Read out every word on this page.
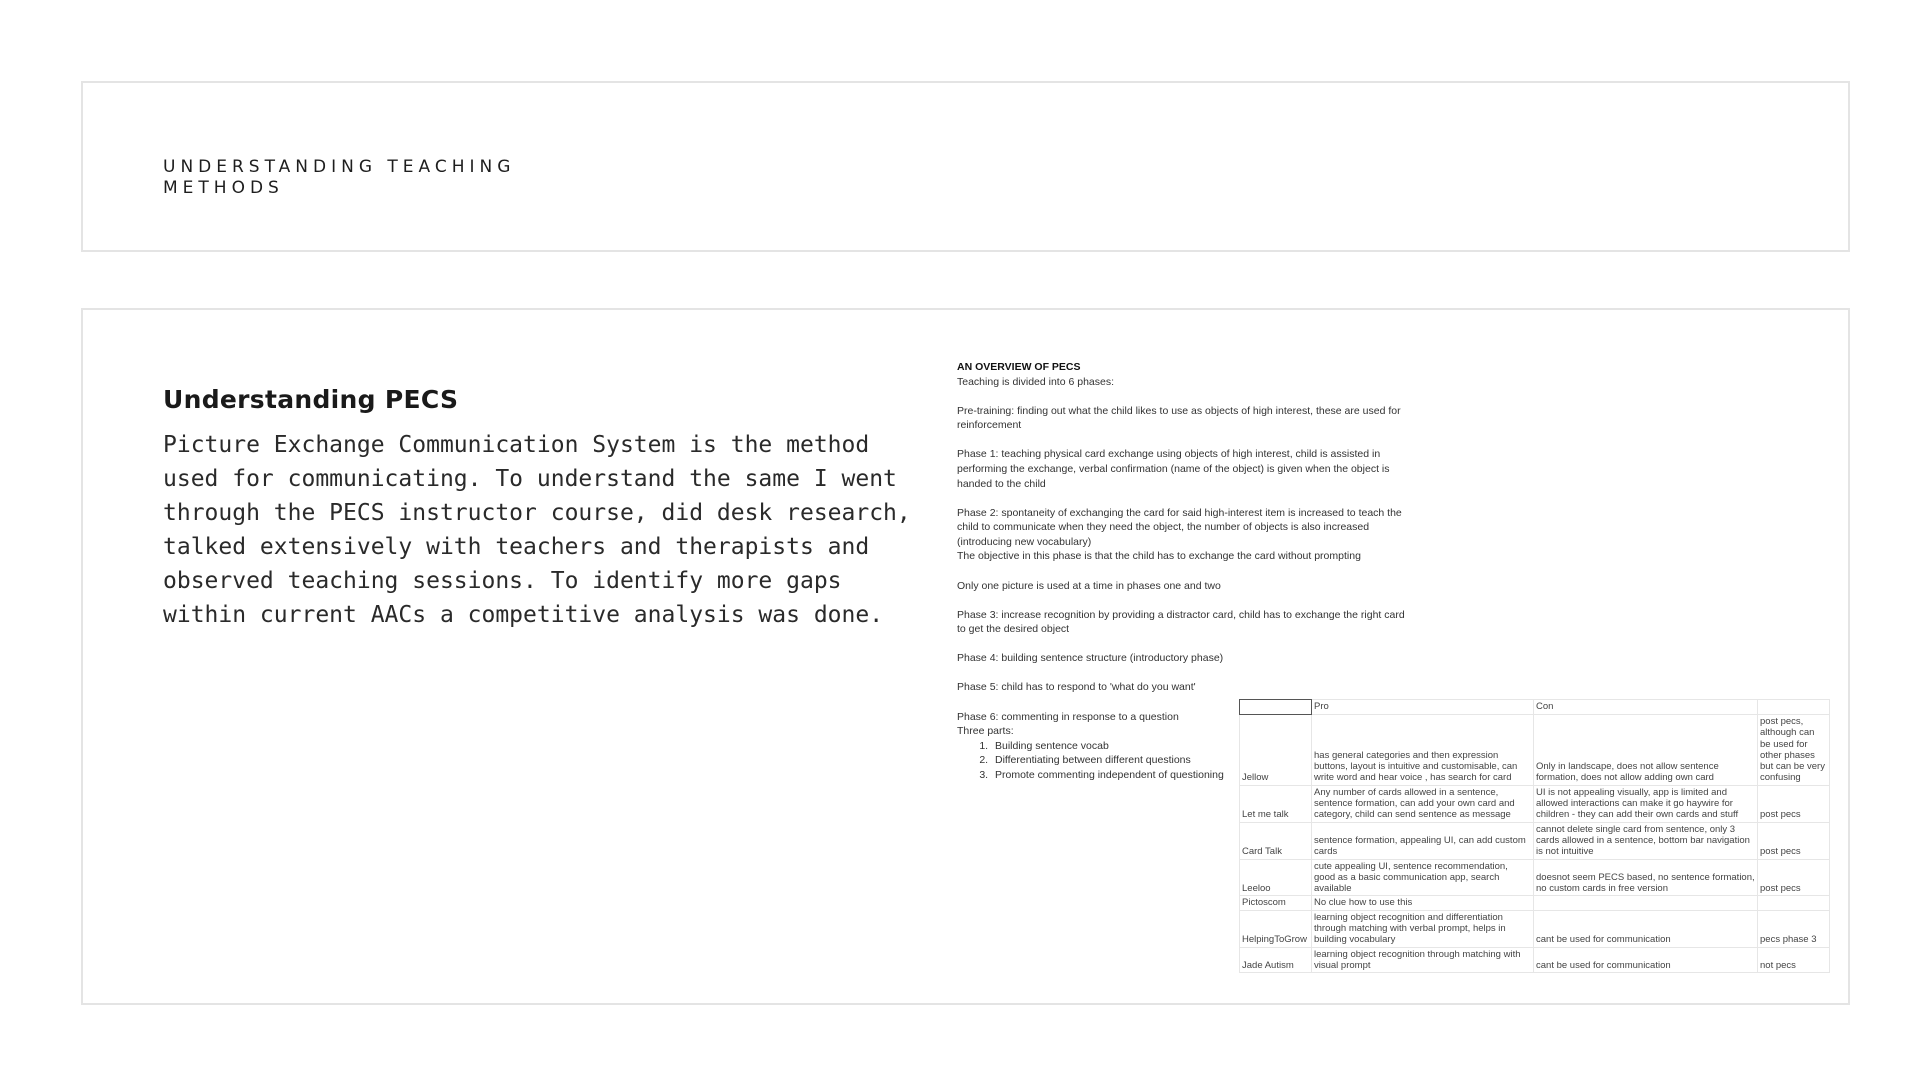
UNDERSTANDING TEACHING METHODS
Understanding PECS
Picture Exchange Communication System is the method used for communicating. To understand the same I went through the PECS instructor course, did desk research, talked extensively with teachers and therapists and observed teaching sessions. To identify more gaps within current AACs a competitive analysis was done.

AN OVERVIEW OF PECS

Teaching is divided into 6 phases:

Pre-training: finding out what the child likes to use as objects of high interest, these are used for reinforcement

Phase 1: teaching physical card exchange using objects of high interest, child is assisted in performing the exchange, verbal confirmation (name of the object) is given when the object is handed to the child

Phase 2: spontaneity of exchanging the card for said high-interest item is increased to teach the child to communicate when they need the object, the number of objects is also increased (introducing new vocabulary)

The objective in this phase is that the child has to exchange the card without prompting

Only one picture is used at a time in phases one and two

Phase 3: increase recognition by providing a distractor card, child has to exchange the right card to get the desired object

Phase 4: building sentence structure (introductory phase)

Phase 5: child has to respond to 'what do you want'

Phase 6: commenting in response to a question

Three parts:

1. Building sentence vocab
2. Differentiating between different questions
3. Promote commenting independent of questioning
	Pro	Con	
Jellow	has general categories and then expression buttons, layout is intuitive and customisable, can write word and hear voice , has search for card	Only in landscape, does not allow sentence formation, does not allow adding own card	post pecs, although can be used for other phases but can be very confusing
Let me talk	Any number of cards allowed in a sentence, sentence formation, can add your own card and category, child can send sentence as message	UI is not appealing visually, app is limited and allowed interactions can make it go haywire for children - they can add their own cards and stuff	post pecs
Card Talk	sentence formation, appealing UI, can add custom cards	cannot delete single card from sentence, only 3 cards allowed in a sentence, bottom bar navigation is not intuitive	post pecs
Leeloo	cute appealing UI, sentence recommendation, good as a basic communication app, search available	doesnot seem PECS based, no sentence formation, no custom cards in free version	post pecs
Pictoscom	No clue how to use this		
HelpingToGrow	learning object recognition and differentiation through matching with verbal prompt, helps in building vocabulary	cant be used for communication	pecs phase 3
Jade Autism	learning object recognition through matching with visual prompt	cant be used for communication	not pecs
